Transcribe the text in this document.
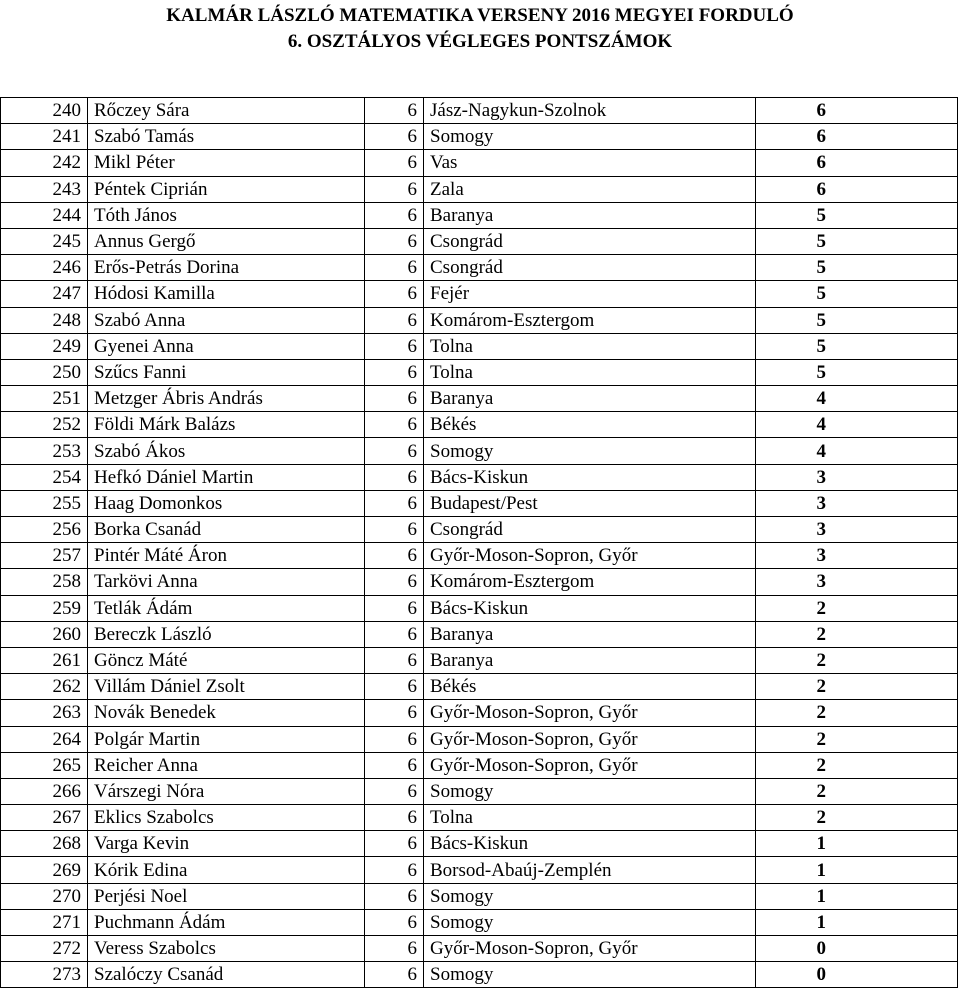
KALMÁR LÁSZLÓ MATEMATIKA VERSENY 2016 MEGYEI FORDULÓ
6. OSZTÁLYOS VÉGLEGES PONTSZÁMOK
240	Rőczey Sára	6	Jász-Nagykun-Szolnok	6
241	Szabó Tamás	6	Somogy	6
242	Mikl Péter	6	Vas	6
243	Péntek Ciprián	6	Zala	6
244	Tóth János	6	Baranya	5
245	Annus Gergő	6	Csongrád	5
246	Erős-Petrás Dorina	6	Csongrád	5
247	Hódosi Kamilla	6	Fejér	5
248	Szabó Anna	6	Komárom-Esztergom	5
249	Gyenei Anna	6	Tolna	5
250	Szűcs Fanni	6	Tolna	5
251	Metzger Ábris András	6	Baranya	4
252	Földi Márk Balázs	6	Békés	4
253	Szabó Ákos	6	Somogy	4
254	Hefkó Dániel Martin	6	Bács-Kiskun	3
255	Haag Domonkos	6	Budapest/Pest	3
256	Borka Csanád	6	Csongrád	3
257	Pintér Máté Áron	6	Győr-Moson-Sopron, Győr	3
258	Tarkövi Anna	6	Komárom-Esztergom	3
259	Tetlák Ádám	6	Bács-Kiskun	2
260	Bereczk László	6	Baranya	2
261	Göncz Máté	6	Baranya	2
262	Villám Dániel Zsolt	6	Békés	2
263	Novák Benedek	6	Győr-Moson-Sopron, Győr	2
264	Polgár Martin	6	Győr-Moson-Sopron, Győr	2
265	Reicher Anna	6	Győr-Moson-Sopron, Győr	2
266	Várszegi Nóra	6	Somogy	2
267	Eklics Szabolcs	6	Tolna	2
268	Varga Kevin	6	Bács-Kiskun	1
269	Kórik Edina	6	Borsod-Abaúj-Zemplén	1
270	Perjési Noel	6	Somogy	1
271	Puchmann Ádám	6	Somogy	1
272	Veress Szabolcs	6	Győr-Moson-Sopron, Győr	0
273	Szalóczy Csanád	6	Somogy	0
